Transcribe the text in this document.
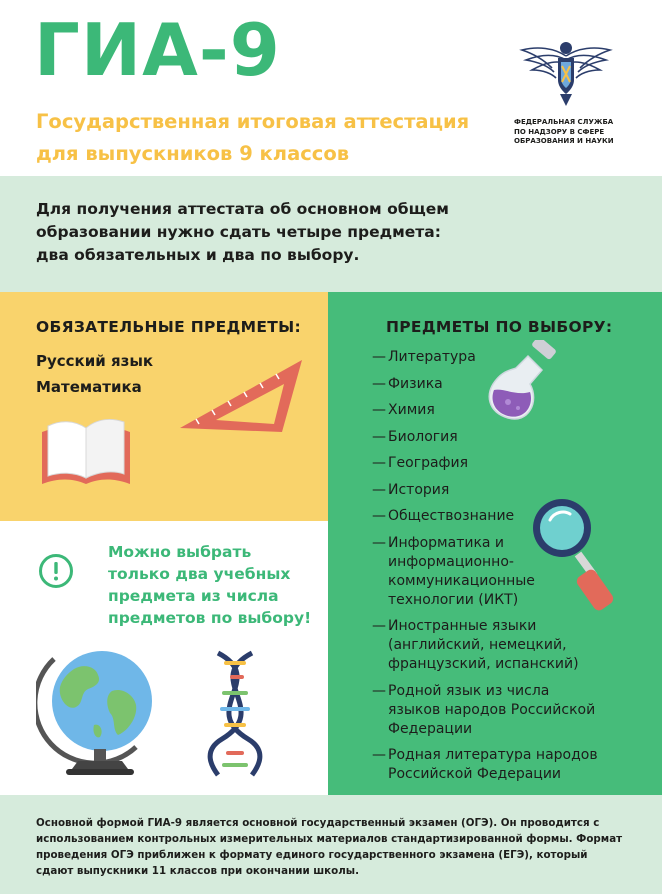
ГИА-9
Государственная итоговая аттестация для выпускников 9 классов
ФЕДЕРАЛЬНАЯ СЛУЖБА ПО НАДЗОРУ В СФЕРЕ ОБРАЗОВАНИЯ И НАУКИ

Для получения аттестата об основном общем образовании нужно сдать четыре предмета: два обязательных и два по выбору.

ОБЯЗАТЕЛЬНЫЕ ПРЕДМЕТЫ:
Русский язык
Математика

Можно выбрать только два учебных предмета из числа предметов по выбору!

ПРЕДМЕТЫ ПО ВЫБОРУ:
— Литература
— Физика
— Химия
— Биология
— География
— История
— Обществознание
— Информатика и информационно-коммуникационные технологии (ИКТ)
— Иностранные языки (английский, немецкий, французский, испанский)
— Родной язык из числа языков народов Российской Федерации
— Родная литература народов Российской Федерации

Основной формой ГИА-9 является основной государственный экзамен (ОГЭ). Он проводится с использованием контрольных измерительных материалов стандартизированной формы. Формат проведения ОГЭ приближен к формату единого государственного экзамена (ЕГЭ), который сдают выпускники 11 классов при окончании школы.
